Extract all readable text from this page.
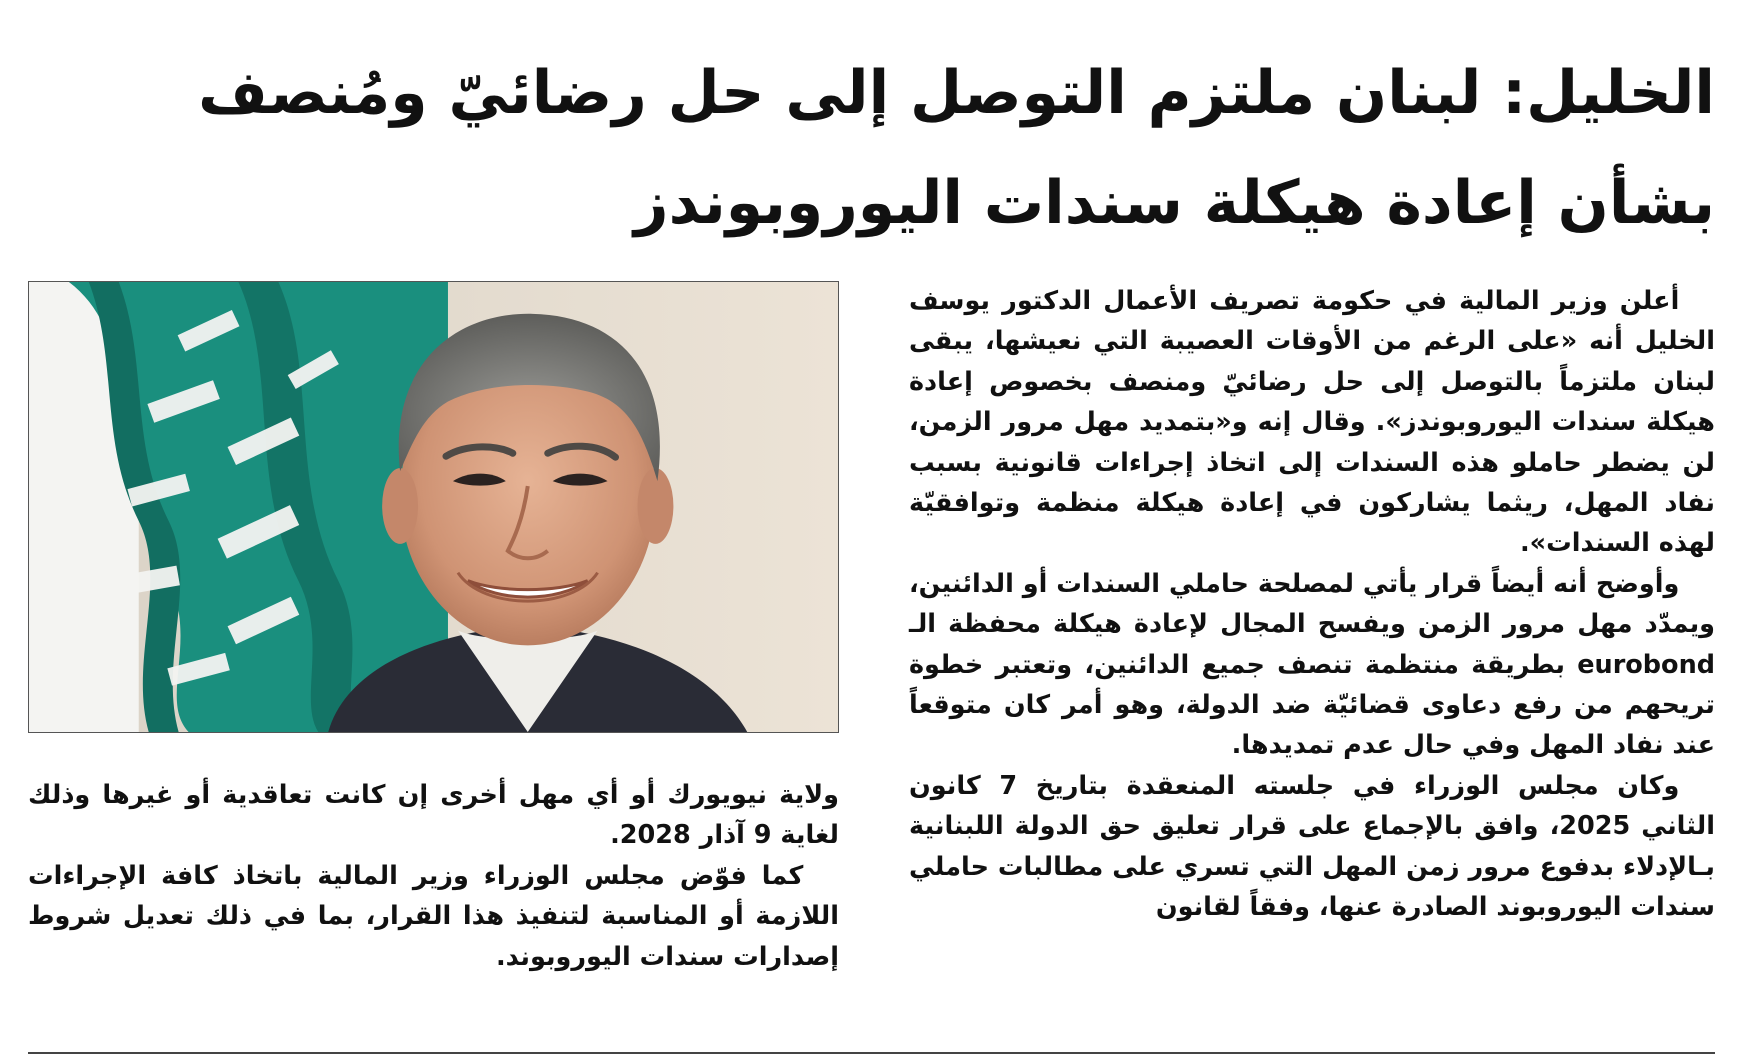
الخليل: لبنان ملتزم التوصل إلى حل رضائيّ ومُنصف بشأن إعادة هيكلة سندات اليوروبوندز

أعلن وزير المالية في حكومة تصريف الأعمال الدكتور يوسف الخليل أنه «على الرغم من الأوقات العصيبة التي نعيشها، يبقى لبنان ملتزماً بالتوصل إلى حل رضائيّ ومنصف بخصوص إعادة هيكلة سندات اليوروبوندز». وقال إنه و«بتمديد مهل مرور الزمن، لن يضطر حاملو هذه السندات إلى اتخاذ إجراءات قانونية بسبب نفاد المهل، ريثما يشاركون في إعادة هيكلة منظمة وتوافقيّة لهذه السندات».

وأوضح أنه أيضاً قرار يأتي لمصلحة حاملي السندات أو الدائنين، ويمدّد مهل مرور الزمن ويفسح المجال لإعادة هيكلة محفظة الـ eurobond بطريقة منتظمة تنصف جميع الدائنين، وتعتبر خطوة تريحهم من رفع دعاوى قضائيّة ضد الدولة، وهو أمر كان متوقعاً عند نفاد المهل وفي حال عدم تمديدها.

وكان مجلس الوزراء في جلسته المنعقدة بتاريخ 7 كانون الثاني 2025، وافق بالإجماع على قرار تعليق حق الدولة اللبنانية بـالإدلاء بدفوع مرور زمن المهل التي تسري على مطالبات حاملي سندات اليوروبوند الصادرة عنها، وفقاً لقانون

ولاية نيويورك أو أي مهل أخرى إن كانت تعاقدية أو غيرها وذلك لغاية 9 آذار 2028.

كما فوّض مجلس الوزراء وزير المالية باتخاذ كافة الإجراءات اللازمة أو المناسبة لتنفيذ هذا القرار، بما في ذلك تعديل شروط إصدارات سندات اليوروبوند.
